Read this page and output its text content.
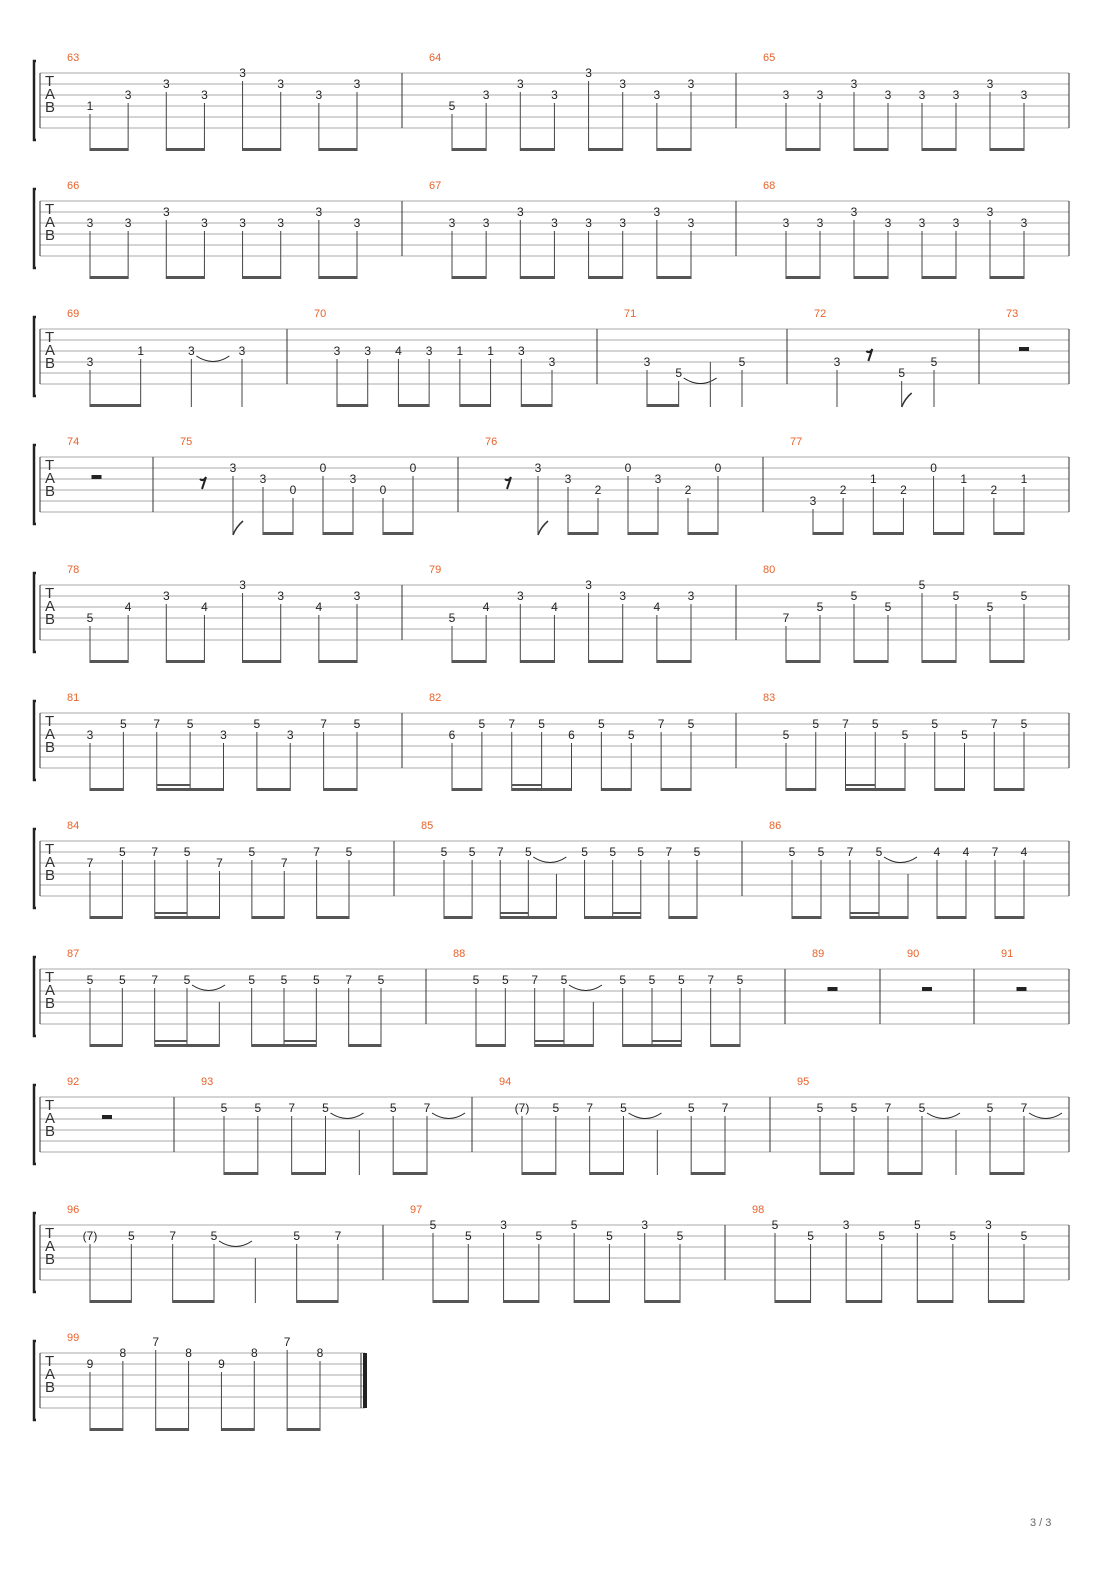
T
A
B
63
1
3
3
3
3
3
3
3
64
5
3
3
3
3
3
3
3
65
3 3
3
3 3 3
3
3
T
A
B
66
3	3
3
3	3	3
3
3
67
3 3
3
3 3 3
3
3
68
3 3
3
3 3 3
3
3
T
A
B
69
3
1	3	3
70
3 3 4 3 1 1 3
3
71
3
5
5
72
3
5
5
73
T
A
B
74	75
3
3
0
0
3
0
0
76
3
3
2
0
3
2
0
77
3
2
1
2
0
1
2
1
T
A
B
78
5
4
3
4
3
3
4
3
79
5
4
3
4
3
3
4
3
80
7
5
5
5
5
5
5
5
T
A
B
81
3
5 7 5
3
5
3
7 5
82
6
5 7 5
6
5
5
7 5
83
5
5 7 5
5
5
5
7 5
T
A
B
84
7
5 7 5
7
5
7
7 5
85
5 5 7 5	5 5 5 7 5
86
5 5 7 5	4 4 7 4
T
A
B
87
5 5 7 5	5 5 5 7 5
88
5 5 7 5	5 5 5 7 5
89	90	91
T
A
B
92	93
5 5 7 5	5 7
94
(7) 5 7 5	5 7
95
5 5 7 5	5 7
T
A
B
96
(7)	5	7	5	5	7
97
5
5
3
5
5
5
3
5
98
5
5
3
5
5
5
3
5
T
A
B
99
9
8
7
8
9
8
7
8
3 / 3
